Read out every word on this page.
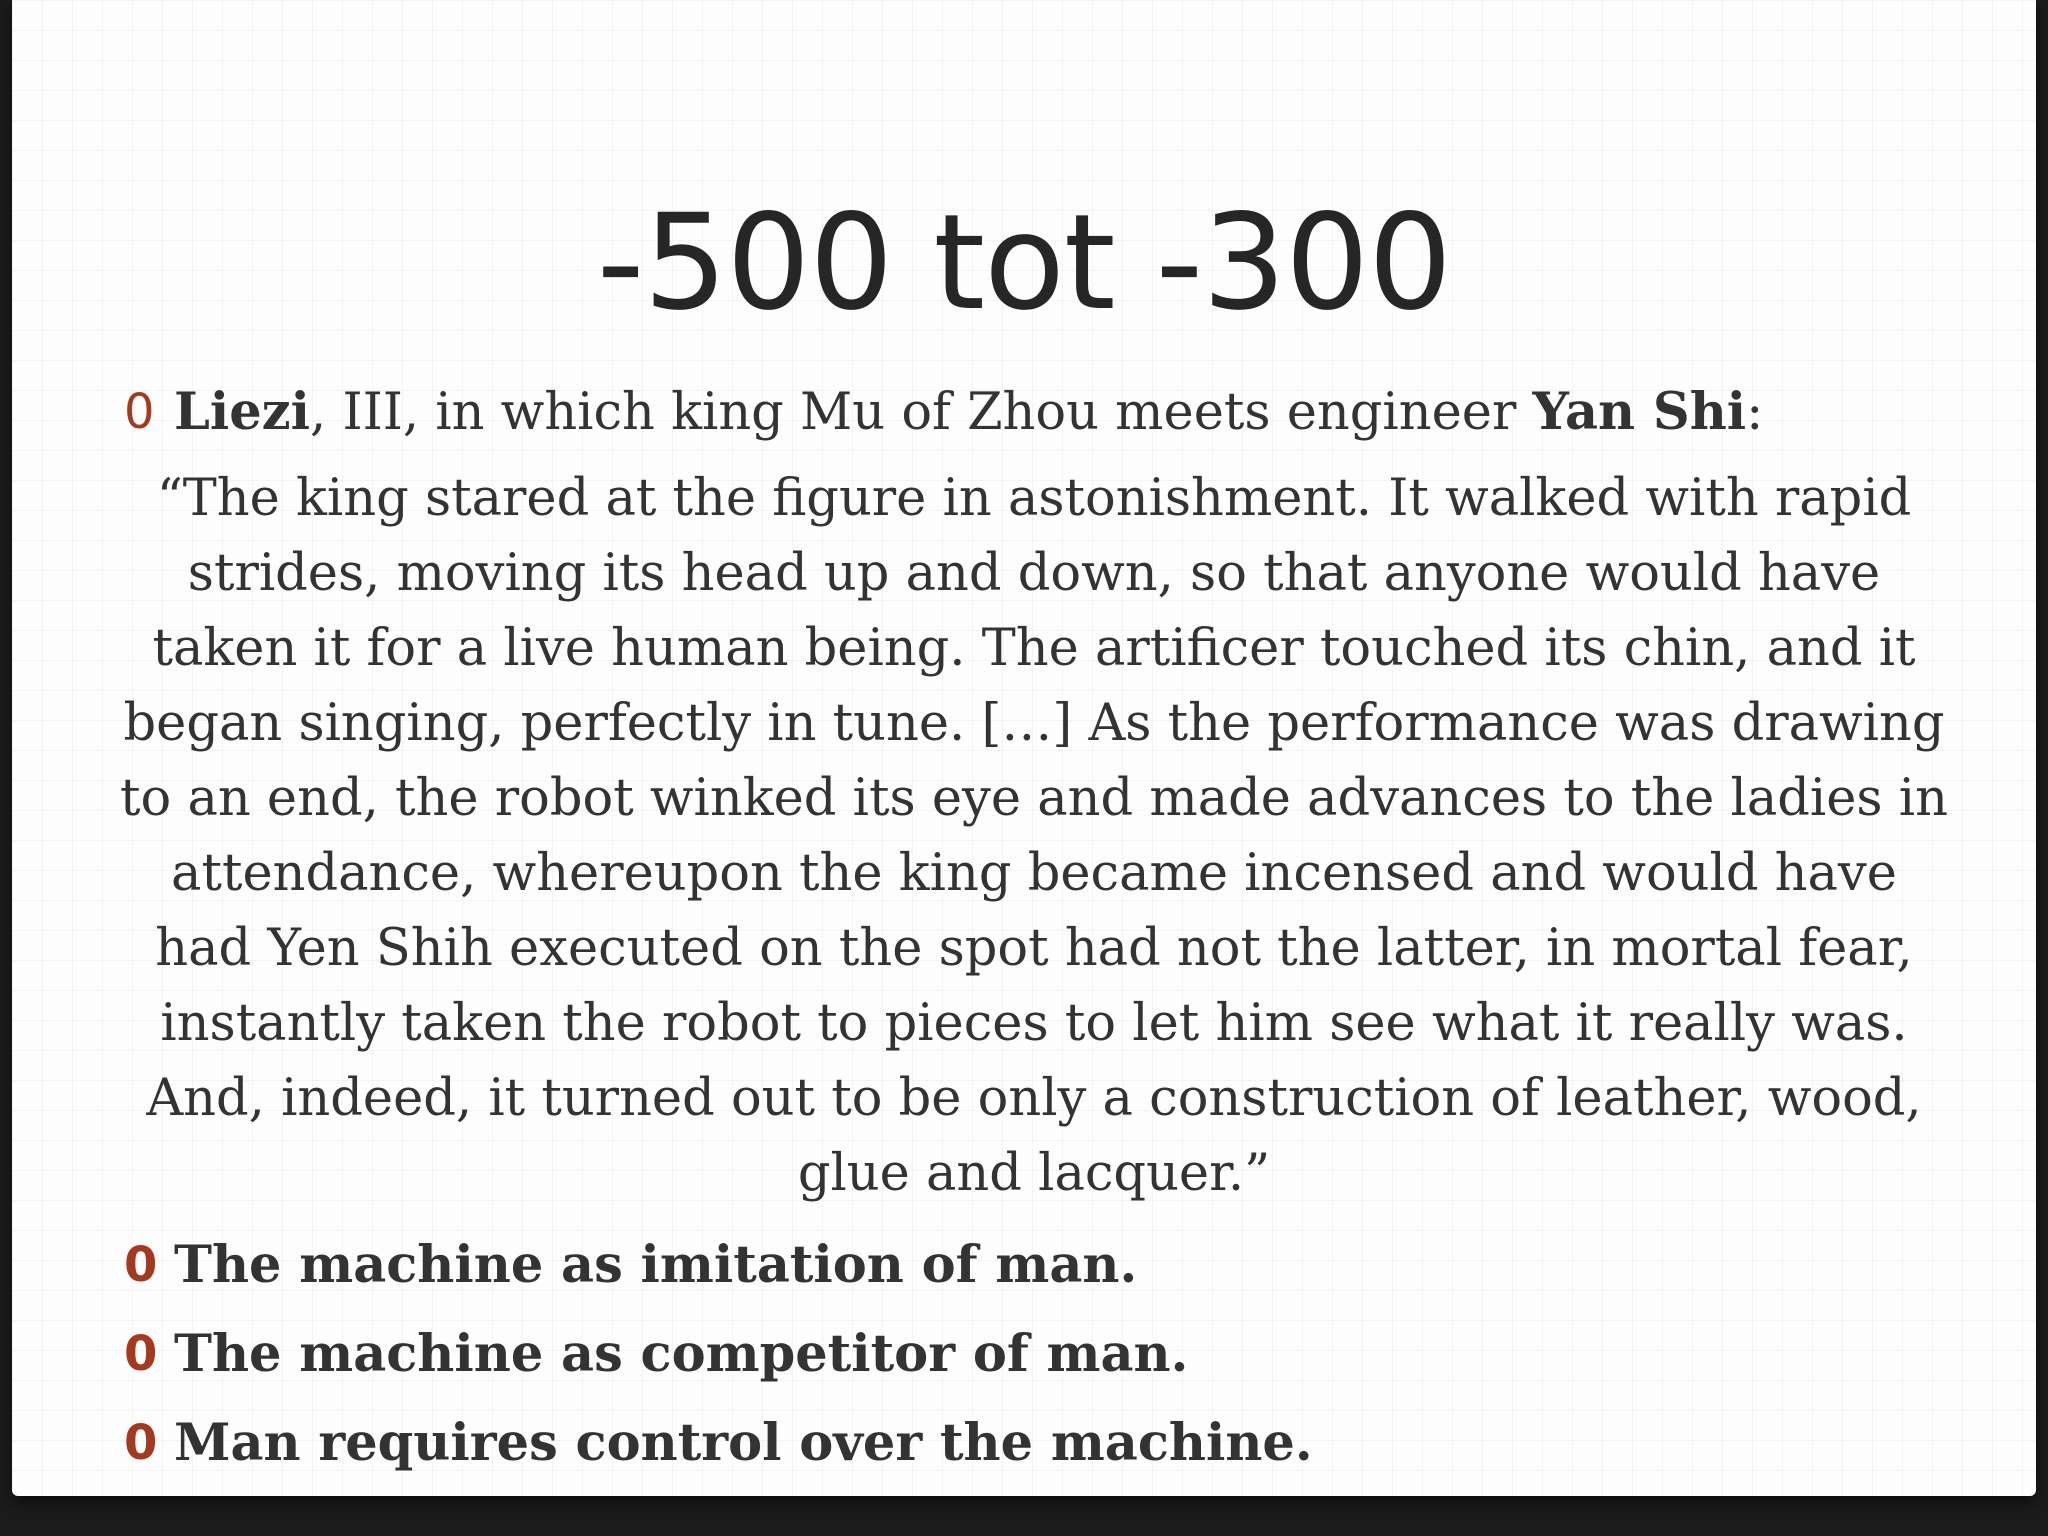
-500 tot -300
0 Liezi, III, in which king Mu of Zhou meets engineer Yan Shi:
“The king stared at the figure in astonishment. It walked with rapid strides, moving its head up and down, so that anyone would have taken it for a live human being. The artificer touched its chin, and it began singing, perfectly in tune. […] As the performance was drawing to an end, the robot winked its eye and made advances to the ladies in attendance, whereupon the king became incensed and would have had Yen Shih executed on the spot had not the latter, in mortal fear, instantly taken the robot to pieces to let him see what it really was. And, indeed, it turned out to be only a construction of leather, wood, glue and lacquer.”
0 The machine as imitation of man.
0 The machine as competitor of man.
0 Man requires control over the machine.
